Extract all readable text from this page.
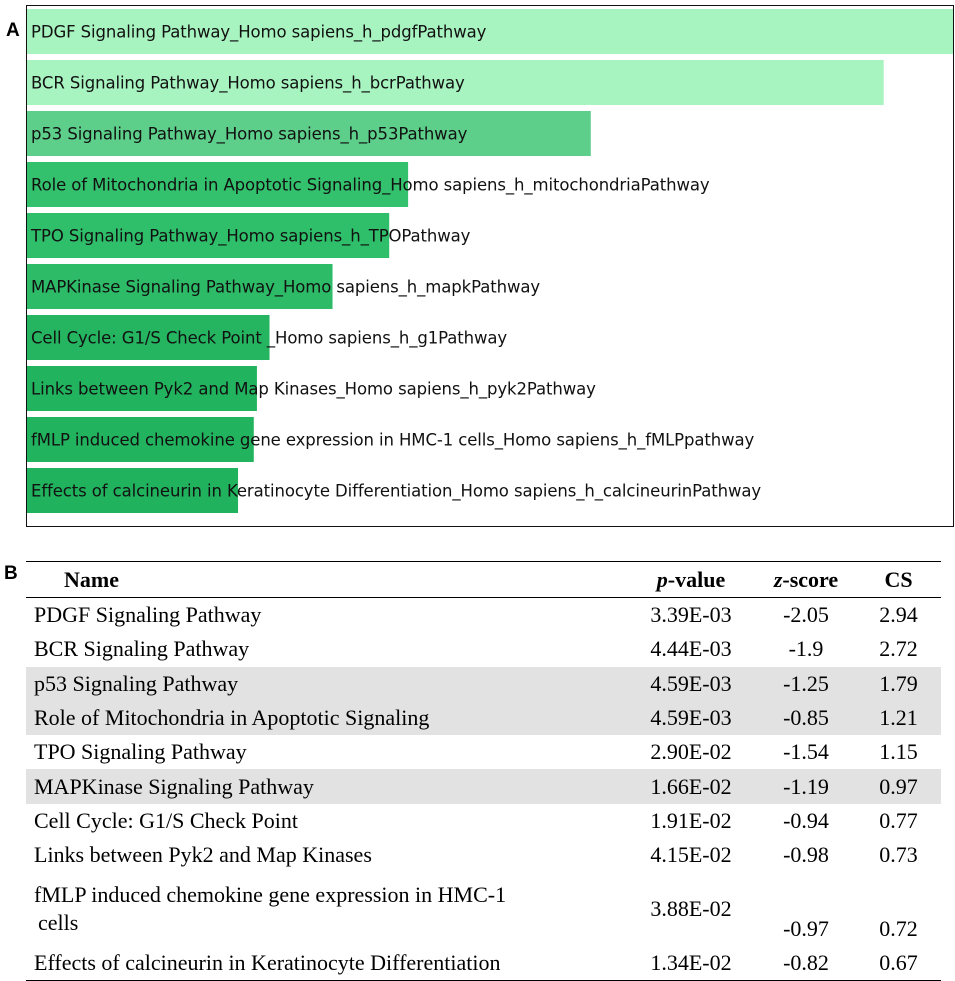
A PDGF Signaling Pathway_Homo sapiens_h_pdgfPathway
BCR Signaling Pathway_Homo sapiens_h_bcrPathway
p53 Signaling Pathway_Homo sapiens_h_p53Pathway
Role of Mitochondria in Apoptotic Signaling_Homo sapiens_h_mitochondriaPathway
TPO Signaling Pathway_Homo sapiens_h_TPOPathway
MAPKinase Signaling Pathway_Homo sapiens_h_mapkPathway
Cell Cycle: G1/S Check Point _Homo sapiens_h_g1Pathway
Links between Pyk2 and Map Kinases_Homo sapiens_h_pyk2Pathway
fMLP induced chemokine gene expression in HMC-1 cells_Homo sapiens_h_fMLPpathway
Effects of calcineurin in Keratinocyte Differentiation_Homo sapiens_h_calcineurinPathway
B Name	p-value	z-score	CS
PDGF Signaling Pathway	3.39E-03	-2.05	2.94
BCR Signaling Pathway	4.44E-03	-1.9	2.72
p53 Signaling Pathway	4.59E-03	-1.25	1.79
Role of Mitochondria in Apoptotic Signaling	4.59E-03	-0.85	1.21
TPO Signaling Pathway	2.90E-02	-1.54	1.15
MAPKinase Signaling Pathway	1.66E-02	-1.19	0.97
Cell Cycle: G1/S Check Point	1.91E-02	-0.94	0.77
Links between Pyk2 and Map Kinases	4.15E-02	-0.98	0.73
fMLP induced chemokine gene expression in HMC-1
cells	3.88E-02	-0.97	0.72
Effects of calcineurin in Keratinocyte Differentiation	1.34E-02	-0.82	0.67
